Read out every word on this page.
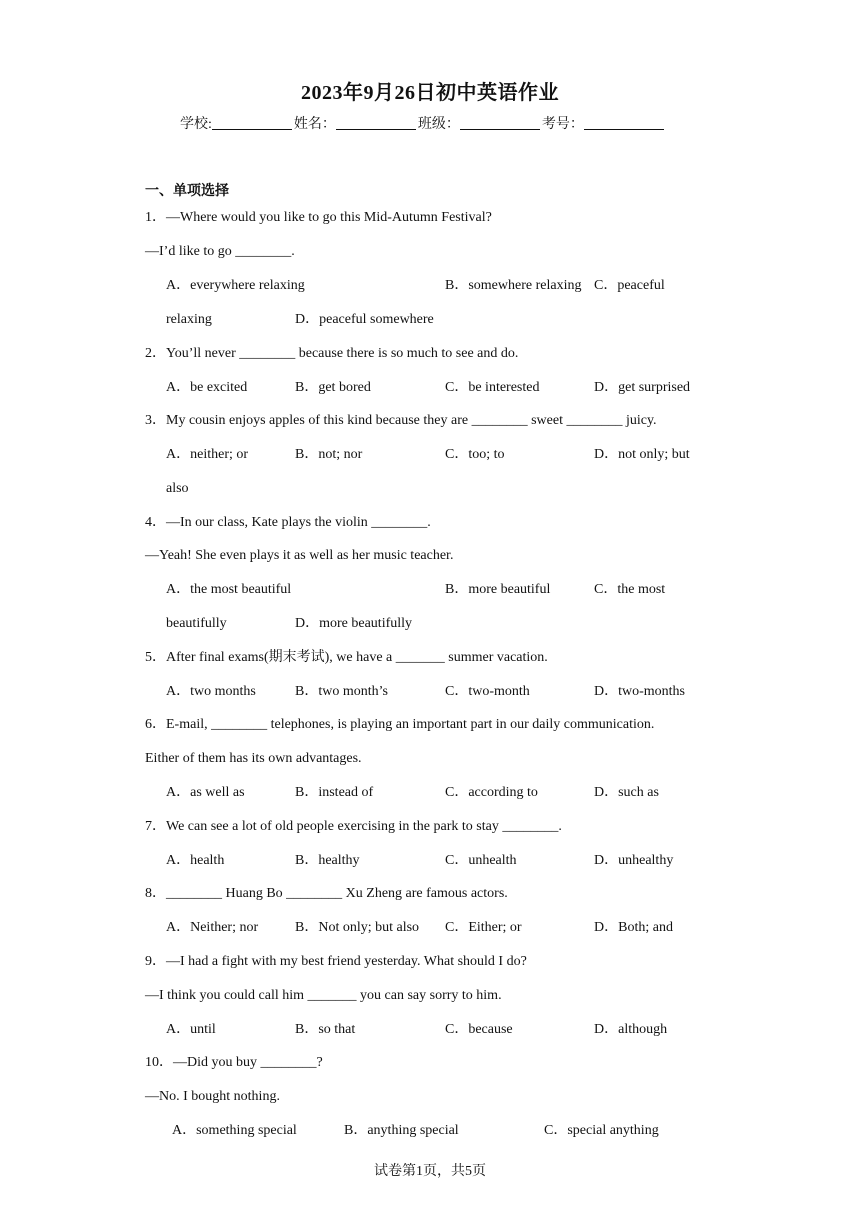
2023年9月26日初中英语作业
学校:	姓名：	班级：	考号：
一、单项选择
1．—Where would you like to go this Mid-Autumn Festival?
—I’d like to go ________.
A．everywhere relaxing	B．somewhere relaxing C．peaceful
relaxing	D．peaceful somewhere
2．You’ll never ________ because there is so much to see and do.
A．be excited	B．get bored	C．be interested	D．get surprised
3．My cousin enjoys apples of this kind because they are ________ sweet ________ juicy.
A．neither; or	B．not; nor	C．too; to	D．not only; but
also
4．—In our class, Kate plays the violin ________.
—Yeah! She even plays it as well as her music teacher.
A．the most beautiful	B．more beautiful	C．the most
beautifully	D．more beautifully
5．After final exams(期末考试), we have a _______ summer vacation.
A．two months	B．two month’s	C．two-month	D．two-months
6．E-mail, ________ telephones, is playing an important part in our daily communication.
Either of them has its own advantages.
A．as well as	B．instead of	C．according to	D．such as
7．We can see a lot of old people exercising in the park to stay ________.
A．health	B．healthy	C．unhealth	D．unhealthy
8．________ Huang Bo ________ Xu Zheng are famous actors.
A．Neither; nor	B．Not only; but also C．Either; or	D．Both; and
9．—I had a fight with my best friend yesterday. What should I do?
—I think you could call him _______ you can say sorry to him.
A．until	B．so that	C．because	D．although
10．—Did you buy ________?
—No. I bought nothing.
A．something special	B．anything special	C．special anything
试卷第1页，共5页
